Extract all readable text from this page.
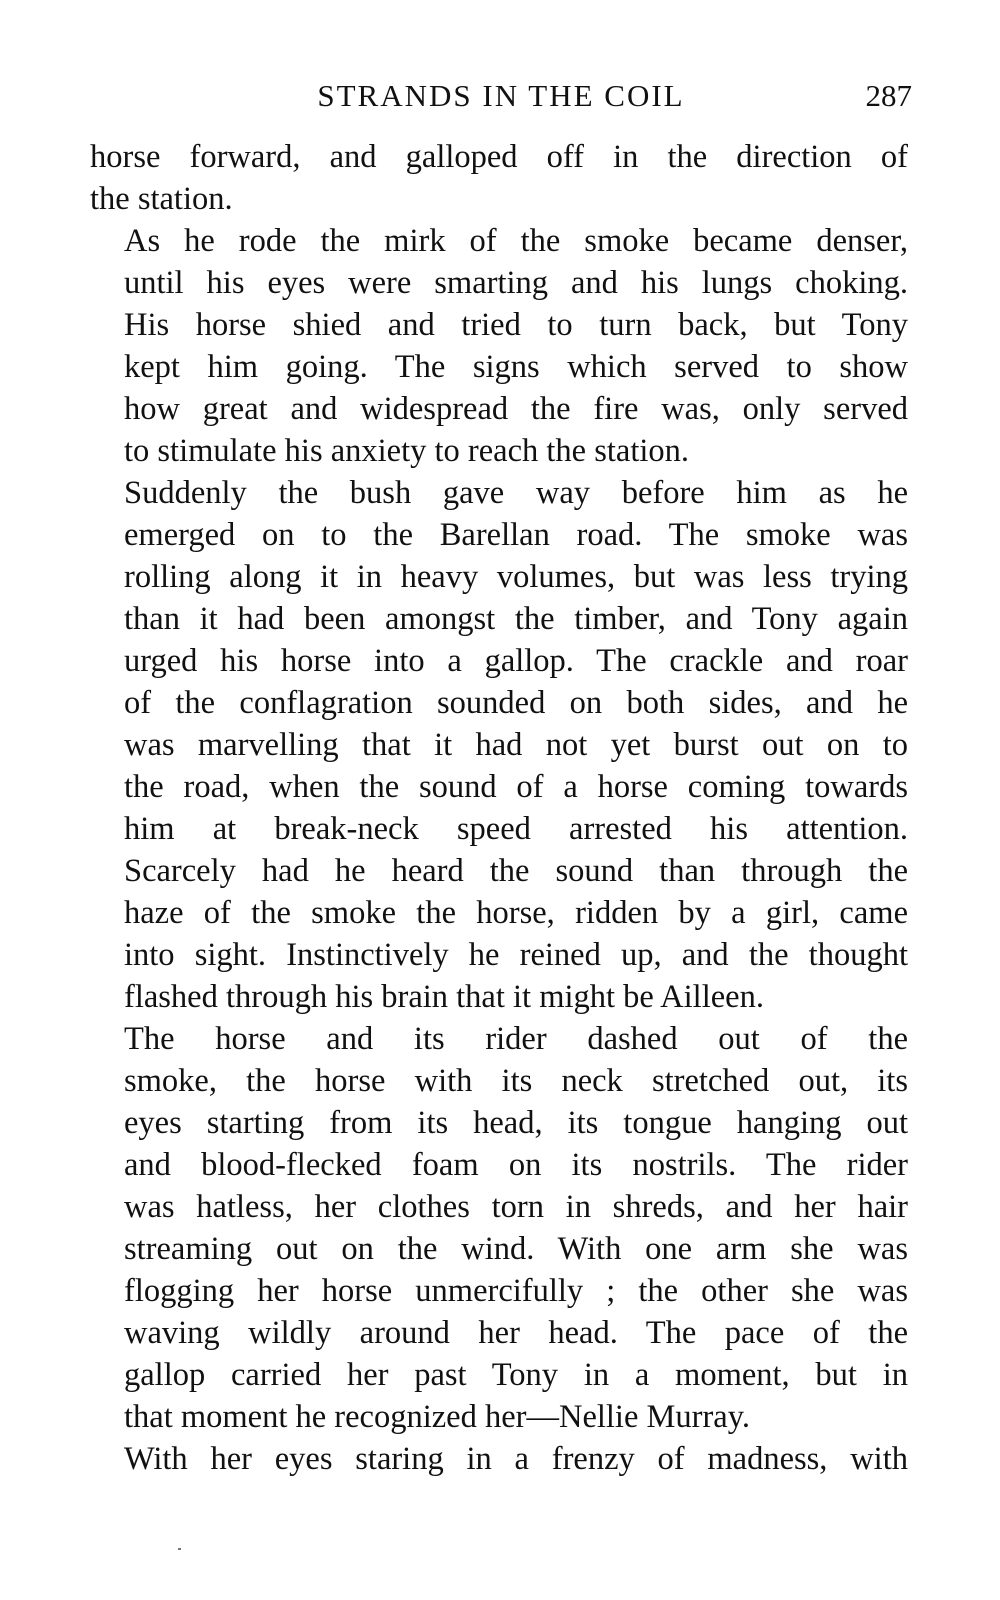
STRANDS IN THE COIL	287

horse forward, and galloped off in the direction of
the station.

As he rode the mirk of the smoke became denser,
until his eyes were smarting and his lungs choking.
His horse shied and tried to turn back, but Tony
kept him going. The signs which served to show
how great and widespread the fire was, only served
to stimulate his anxiety to reach the station.

Suddenly the bush gave way before him as he
emerged on to the Barellan road. The smoke was
rolling along it in heavy volumes, but was less trying
than it had been amongst the timber, and Tony again
urged his horse into a gallop. The crackle and roar
of the conflagration sounded on both sides, and he
was marvelling that it had not yet burst out on to
the road, when the sound of a horse coming towards
him at break-neck speed arrested his attention.
Scarcely had he heard the sound than through the
haze of the smoke the horse, ridden by a girl, came
into sight. Instinctively he reined up, and the thought
flashed through his brain that it might be Ailleen.

The horse and its rider dashed out of the
smoke, the horse with its neck stretched out, its
eyes starting from its head, its tongue hanging out
and blood-flecked foam on its nostrils. The rider
was hatless, her clothes torn in shreds, and her hair
streaming out on the wind. With one arm she was
flogging her horse unmercifully ; the other she was
waving wildly around her head. The pace of the
gallop carried her past Tony in a moment, but in
that moment he recognized her—Nellie Murray.

With her eyes staring in a frenzy of madness, with
